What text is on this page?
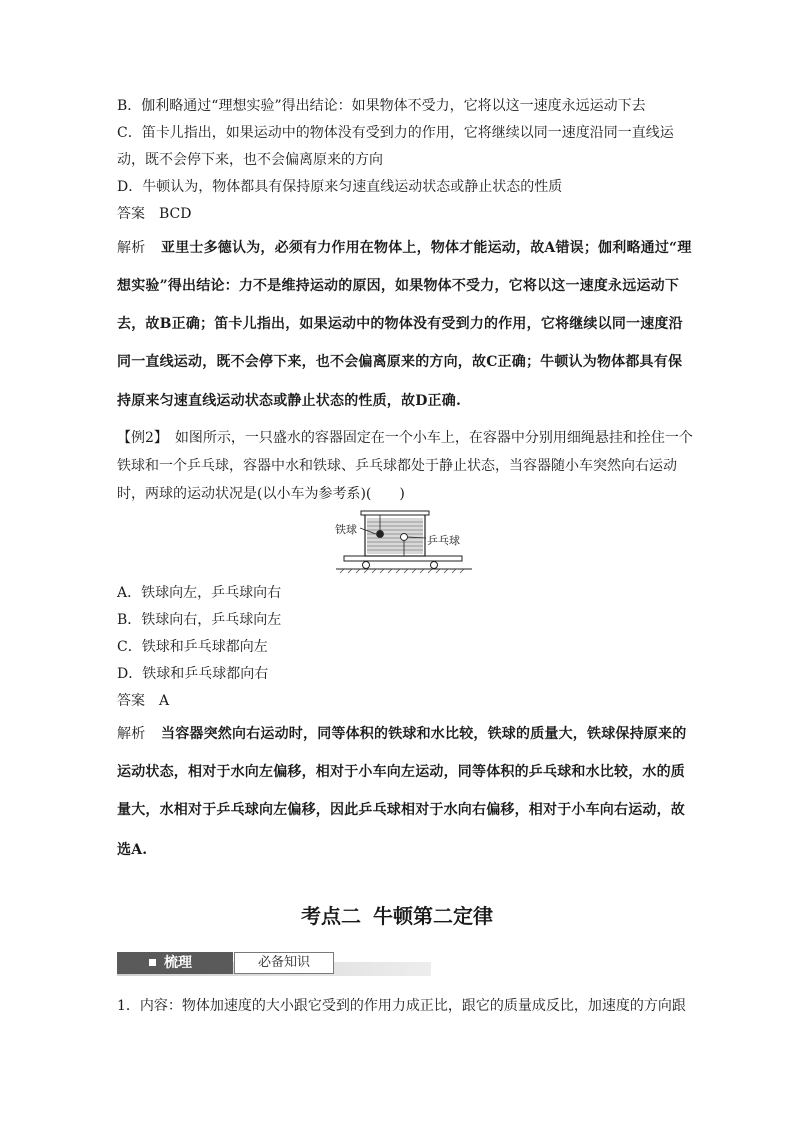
B．伽利略通过“理想实验”得出结论：如果物体不受力，它将以这一速度永远运动下去
C．笛卡儿指出，如果运动中的物体没有受到力的作用，它将继续以同一速度沿同一直线运
动，既不会停下来，也不会偏离原来的方向
D．牛顿认为，物体都具有保持原来匀速直线运动状态或静止状态的性质
答案 BCD
解析 亚里士多德认为，必须有力作用在物体上，物体才能运动，故A错误；伽利略通过“理
想实验”得出结论：力不是维持运动的原因，如果物体不受力，它将以这一速度永远运动下
去，故B正确；笛卡儿指出，如果运动中的物体没有受到力的作用，它将继续以同一速度沿
同一直线运动，既不会停下来，也不会偏离原来的方向，故C正确；牛顿认为物体都具有保
持原来匀速直线运动状态或静止状态的性质，故D正确.
【例2】　如图所示，一只盛水的容器固定在一个小车上，在容器中分别用细绳悬挂和拴住一个
铁球和一个乒乓球，容器中水和铁球、乒乓球都处于静止状态，当容器随小车突然向右运动
时，两球的运动状况是(以小车为参考系)(　　)
铁球
乒乓球
A．铁球向左，乒乓球向右
B．铁球向右，乒乓球向左
C．铁球和乒乓球都向左
D．铁球和乒乓球都向右
答案 A
解析 当容器突然向右运动时，同等体积的铁球和水比较，铁球的质量大，铁球保持原来的
运动状态，相对于水向左偏移，相对于小车向左运动，同等体积的乒乓球和水比较，水的质
量大，水相对于乒乓球向左偏移，因此乒乓球相对于水向右偏移，相对于小车向右运动，故
选A.
考点二 牛顿第二定律
梳理	必备知识
1．内容：物体加速度的大小跟它受到的作用力成正比，跟它的质量成反比，加速度的方向跟
